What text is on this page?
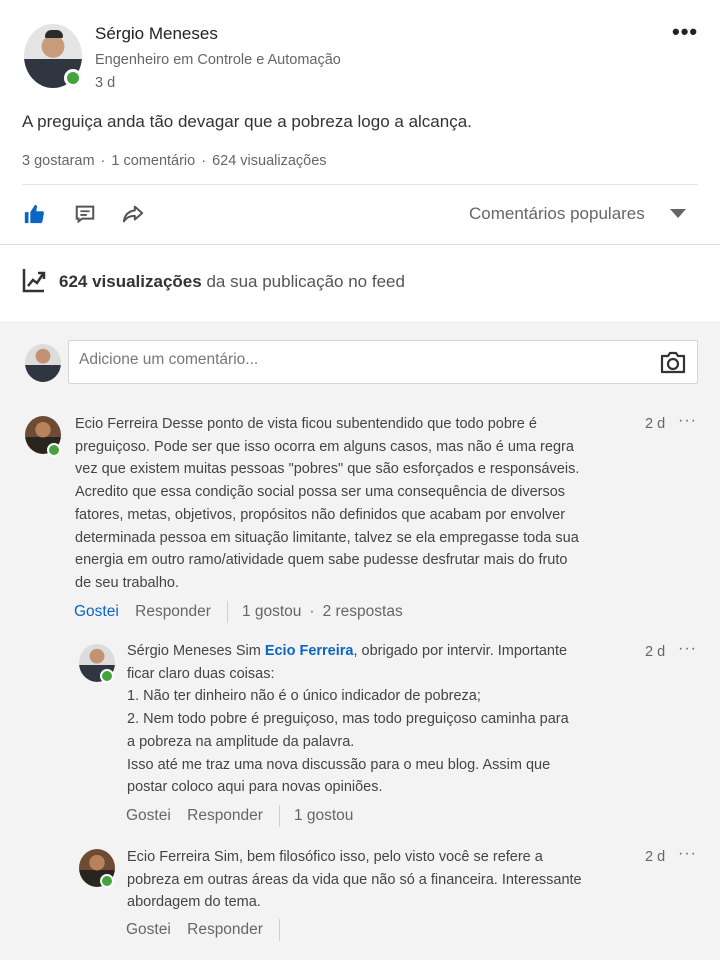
Sérgio Meneses
Engenheiro em Controle e Automação
3 d
•••
A preguiça anda tão devagar que a pobreza logo a alcança.
3 gostaram · 1 comentário · 624 visualizações
Comentários populares
624 visualizações da sua publicação no feed
Adicione um comentário...
Ecio Ferreira Desse ponto de vista ficou subentendido que todo pobre é
preguiçoso. Pode ser que isso ocorra em alguns casos, mas não é uma regra
vez que existem muitas pessoas "pobres" que são esforçados e responsáveis.
Acredito que essa condição social possa ser uma consequência de diversos
fatores, metas, objetivos, propósitos não definidos que acabam por envolver
determinada pessoa em situação limitante, talvez se ela empregasse toda sua
energia em outro ramo/atividade quem sabe pudesse desfrutar mais do fruto
de seu trabalho.
2 d ···
Gostei Responder 1 gostou · 2 respostas
Sérgio Meneses Sim Ecio Ferreira, obrigado por intervir. Importante
ficar claro duas coisas:
1. Não ter dinheiro não é o único indicador de pobreza;
2. Nem todo pobre é preguiçoso, mas todo preguiçoso caminha para
a pobreza na amplitude da palavra.
Isso até me traz uma nova discussão para o meu blog. Assim que
postar coloco aqui para novas opiniões.
2 d ···
Gostei Responder 1 gostou
Ecio Ferreira Sim, bem filosófico isso, pelo visto você se refere a
pobreza em outras áreas da vida que não só a financeira. Interessante
abordagem do tema.
2 d ···
Gostei Responder
